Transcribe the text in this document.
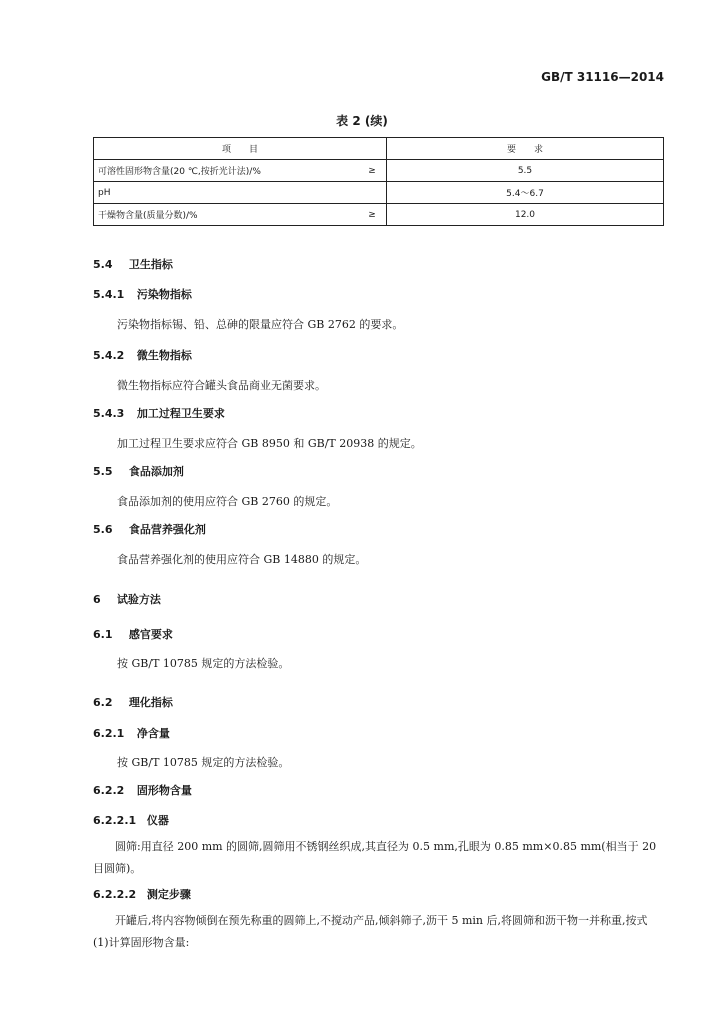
GB/T 31116—2014
表 2 (续)
项　　目		要　　求
可溶性固形物含量(20 ℃,按折光计法)/%	≥	5.5
pH		5.4～6.7
干燥物含量(质量分数)/%	≥	12.0
5.4 卫生指标
5.4.1 污染物指标
污染物指标锡、铅、总砷的限量应符合 GB 2762 的要求。
5.4.2 微生物指标
微生物指标应符合罐头食品商业无菌要求。
5.4.3 加工过程卫生要求
加工过程卫生要求应符合 GB 8950 和 GB/T 20938 的规定。
5.5 食品添加剂
食品添加剂的使用应符合 GB 2760 的规定。
5.6 食品营养强化剂
食品营养强化剂的使用应符合 GB 14880 的规定。
6 试验方法
6.1 感官要求
按 GB/T 10785 规定的方法检验。
6.2 理化指标
6.2.1 净含量
按 GB/T 10785 规定的方法检验。
6.2.2 固形物含量
6.2.2.1 仪器
圆筛:用直径 200 mm 的圆筛,圆筛用不锈钢丝织成,其直径为 0.5 mm,孔眼为 0.85 mm×0.85 mm(相当于 20 目圆筛)。
6.2.2.2 测定步骤
开罐后,将内容物倾倒在预先称重的圆筛上,不搅动产品,倾斜筛子,沥干 5 min 后,将圆筛和沥干物一并称重,按式(1)计算固形物含量:
